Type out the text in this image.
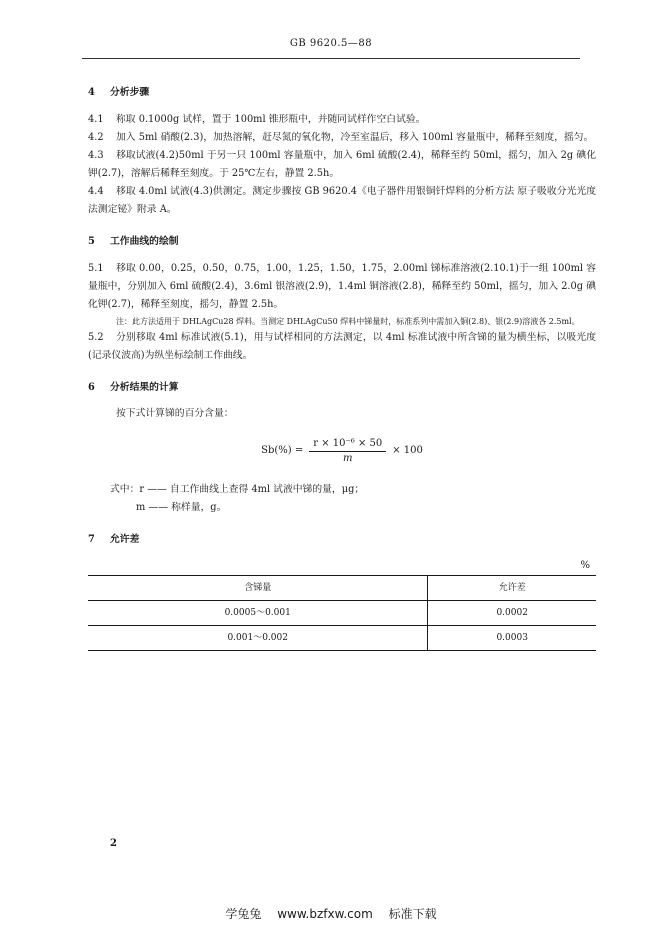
GB 9620.5—88

4 分析步骤

4.1 称取 0.1000g 试样，置于 100ml 锥形瓶中，并随同试样作空白试验。

4.2 加入 5ml 硝酸(2.3)，加热溶解，赶尽氮的氧化物，冷至室温后，移入 100ml 容量瓶中，稀释至刻度，摇匀。

4.3 移取试液(4.2)50ml 于另一只 100ml 容量瓶中，加入 6ml 硫酸(2.4)，稀释至约 50ml，摇匀，加入 2g 碘化钾(2.7)，溶解后稀释至刻度。于 25℃左右，静置 2.5h。

4.4 移取 4.0ml 试液(4.3)供测定。测定步骤按 GB 9620.4《电子器件用银铜钎焊料的分析方法 原子吸收分光光度法测定铋》附录 A。

5 工作曲线的绘制

5.1 移取 0.00，0.25，0.50，0.75，1.00，1.25，1.50，1.75，2.00ml 锑标准溶液(2.10.1)于一组 100ml 容量瓶中，分别加入 6ml 硫酸(2.4)，3.6ml 银溶液(2.9)，1.4ml 铜溶液(2.8)，稀释至约 50ml，摇匀，加入 2.0g 碘化钾(2.7)，稀释至刻度，摇匀，静置 2.5h。

注：此方法适用于 DHLAgCu28 焊料。当测定 DHLAgCu50 焊料中锑量时，标准系列中需加入铜(2.8)、银(2.9)溶液各 2.5ml。

5.2 分别移取 4ml 标准试液(5.1)，用与试样相同的方法测定，以 4ml 标准试液中所含锑的量为横坐标，以吸光度(记录仪波高)为纵坐标绘制工作曲线。

6 分析结果的计算

按下式计算锑的百分含量：

$Sb(\%) = \frac{\text{r × 10⁻⁶ × 50}}{m} \times 100$

式中：r —— 自工作曲线上查得 4ml 试液中锑的量，μg；

m —— 称样量，g。

7 允许差

%
含锑量	允许差
0.0005～0.001	0.0002
0.001～0.002	0.0003
2
学兔兔 www.bzfxw.com 标准下载
